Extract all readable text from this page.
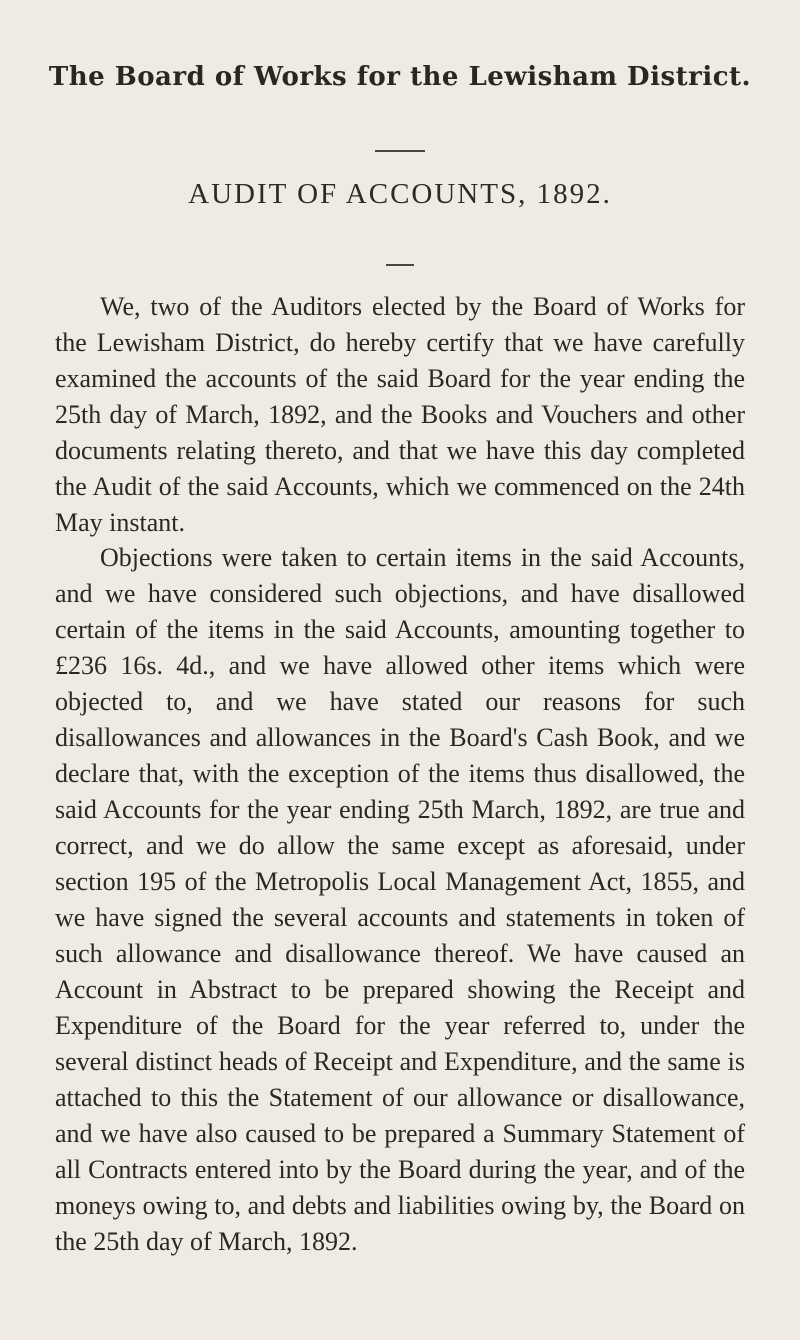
The Board of Works for the Lewisham District.
AUDIT OF ACCOUNTS, 1892.

We, two of the Auditors elected by the Board of Works for the Lewisham District, do hereby certify that we have carefully examined the accounts of the said Board for the year ending the 25th day of March, 1892, and the Books and Vouchers and other documents relating thereto, and that we have this day completed the Audit of the said Accounts, which we commenced on the 24th May instant.

Objections were taken to certain items in the said Accounts, and we have considered such objections, and have disallowed certain of the items in the said Accounts, amounting together to £236 16s. 4d., and we have allowed other items which were objected to, and we have stated our reasons for such disallowances and allowances in the Board's Cash Book, and we declare that, with the exception of the items thus disallowed, the said Accounts for the year ending 25th March, 1892, are true and correct, and we do allow the same except as aforesaid, under section 195 of the Metropolis Local Management Act, 1855, and we have signed the several accounts and statements in token of such allowance and disallowance thereof. We have caused an Account in Abstract to be prepared showing the Receipt and Expenditure of the Board for the year referred to, under the several distinct heads of Receipt and Expenditure, and the same is attached to this the Statement of our allowance or disallowance, and we have also caused to be prepared a Summary Statement of all Contracts entered into by the Board during the year, and of the moneys owing to, and debts and liabilities owing by, the Board on the 25th day of March, 1892.
